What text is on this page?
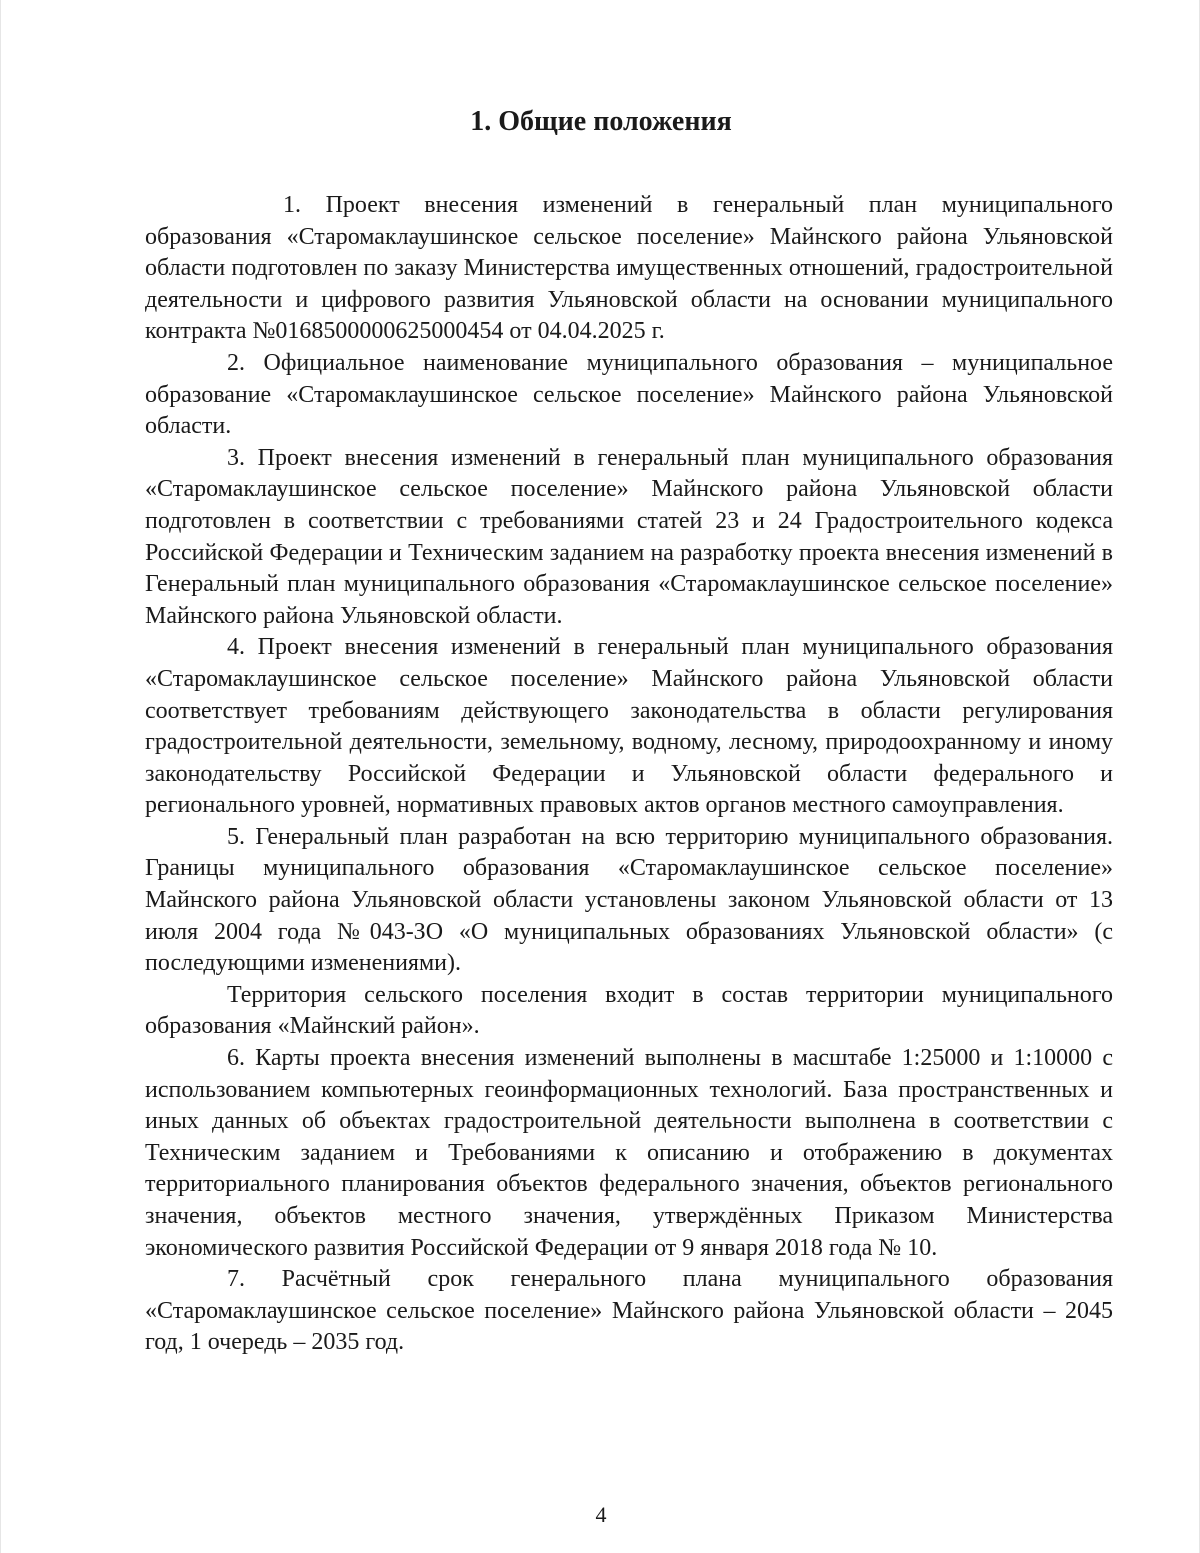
1. Общие положения

1. Проект внесения изменений в генеральный план муниципального образования «Старомаклаушинское сельское поселение» Майнского района Ульяновской области подготовлен по заказу Министерства имущественных отношений, градостроительной деятельности и цифрового развития Ульяновской области на основании муниципального контракта №0168500000625000454 от 04.04.2025 г.

2. Официальное наименование муниципального образования – муниципальное образование «Старомаклаушинское сельское поселение» Майнского района Ульяновской области.

3. Проект внесения изменений в генеральный план муниципального образования «Старомаклаушинское сельское поселение» Майнского района Ульяновской области подготовлен в соответствии с требованиями статей 23 и 24 Градостроительного кодекса Российской Федерации и Техническим заданием на разработку проекта внесения изменений в Генеральный план муниципального образования «Старомаклаушинское сельское поселение» Майнского района Ульяновской области.

4. Проект внесения изменений в генеральный план муниципального образования «Старомаклаушинское сельское поселение» Майнского района Ульяновской области соответствует требованиям действующего законодательства в области регулирования градостроительной деятельности, земельному, водному, лесному, природоохранному и иному законодательству Российской Федерации и Ульяновской области федерального и регионального уровней, нормативных правовых актов органов местного самоуправления.

5. Генеральный план разработан на всю территорию муниципального образования. Границы муниципального образования «Старомаклаушинское сельское поселение» Майнского района Ульяновской области установлены законом Ульяновской области от 13 июля 2004 года №043-ЗО «О муниципальных образованиях Ульяновской области» (с последующими изменениями).

Территория сельского поселения входит в состав территории муниципального образования «Майнский район».

6. Карты проекта внесения изменений выполнены в масштабе 1:25000 и 1:10000 с использованием компьютерных геоинформационных технологий. База пространственных и иных данных об объектах градостроительной деятельности выполнена в соответствии с Техническим заданием и Требованиями к описанию и отображению в документах территориального планирования объектов федерального значения, объектов регионального значения, объектов местного значения, утверждённых Приказом Министерства экономического развития Российской Федерации от 9 января 2018 года № 10.

7. Расчётный срок генерального плана муниципального образования «Старомаклаушинское сельское поселение» Майнского района Ульяновской области – 2045 год, 1 очередь – 2035 год.

4
